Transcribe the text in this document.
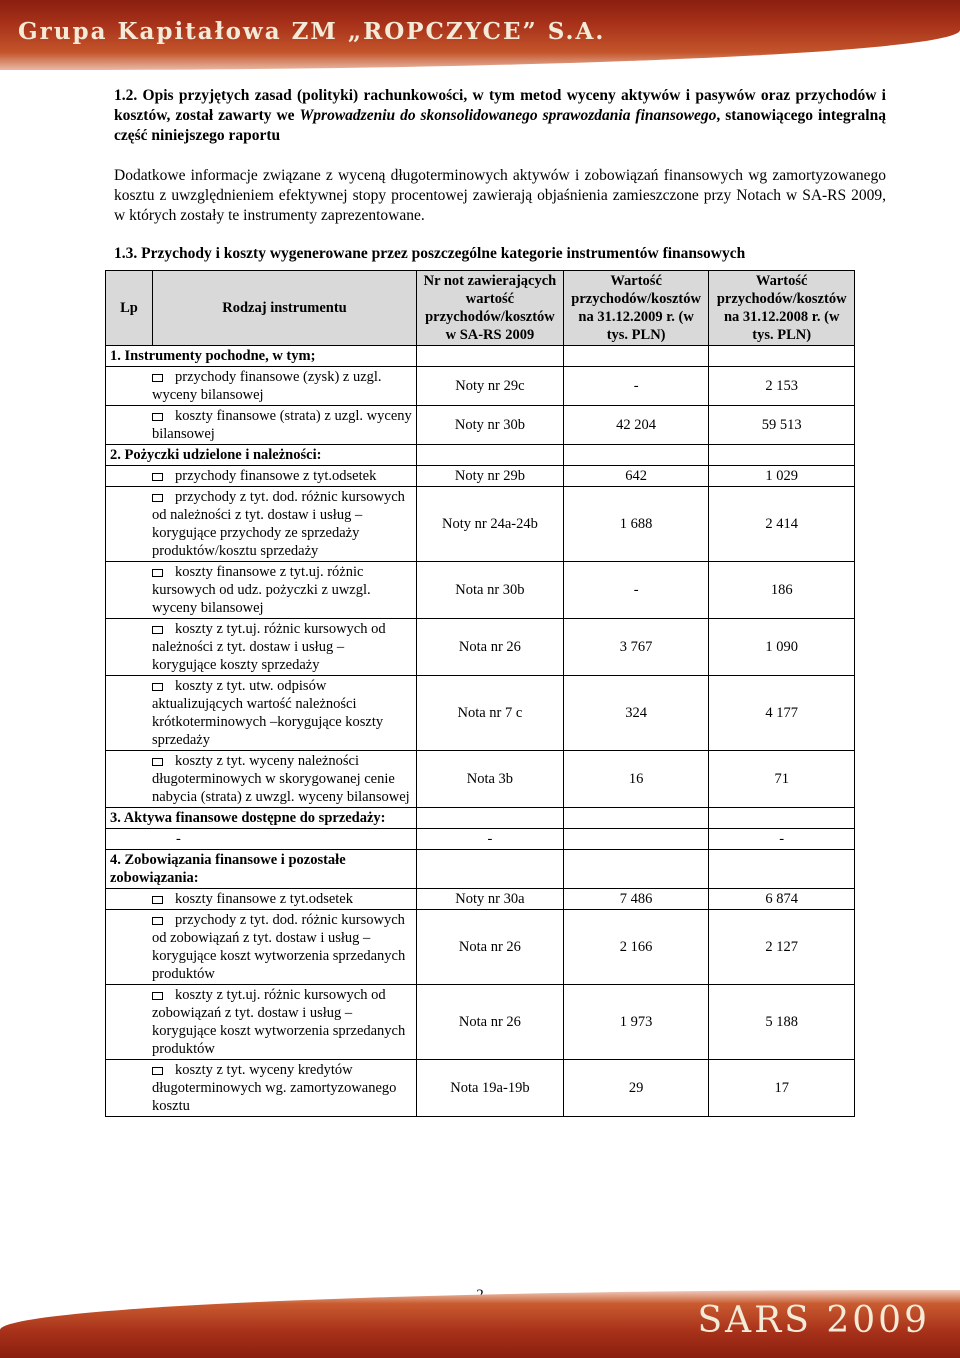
Grupa Kapitałowa ZM „ROPCZYCE” S.A.

1.2. Opis przyjętych zasad (polityki) rachunkowości, w tym metod wyceny aktywów i pasywów oraz przychodów i kosztów, został zawarty we Wprowadzeniu do skonsolidowanego sprawozdania finansowego, stanowiącego integralną część niniejszego raportu

Dodatkowe informacje związane z wyceną długoterminowych aktywów i zobowiązań finansowych wg zamortyzowanego kosztu z uwzględnieniem efektywnej stopy procentowej zawierają objaśnienia zamieszczone przy Notach w SA-RS 2009, w których zostały te instrumenty zaprezentowane.

1.3. Przychody i koszty wygenerowane przez poszczególne kategorie instrumentów finansowych

Lp	Rodzaj instrumentu	Nr not zawierających wartość przychodów/kosztów w SA-RS 2009	Wartość przychodów/kosztów na 31.12.2009 r. (w tys. PLN)	Wartość przychodów/kosztów na 31.12.2008 r. (w tys. PLN)
1. Instrumenty pochodne, w tym;				
przychody finansowe (zysk) z uzgl. wyceny bilansowej		Noty nr 29c	-	2 153
koszty finansowe (strata) z uzgl. wyceny bilansowej		Noty nr 30b	42 204	59 513
2. Pożyczki udzielone i należności:				
przychody finansowe z tyt.odsetek		Noty nr 29b	642	1 029
przychody z tyt. dod. różnic kursowych od należności z tyt. dostaw i usług – korygujące przychody ze sprzedaży produktów/kosztu sprzedaży		Noty nr 24a-24b	1 688	2 414
koszty finansowe z tyt.uj. różnic kursowych od udz. pożyczki z uwzgl. wyceny bilansowej		Nota nr 30b	-	186
koszty z tyt.uj. różnic kursowych od należności z tyt. dostaw i usług – korygujące koszty sprzedaży		Nota nr 26	3 767	1 090
koszty z tyt. utw. odpisów aktualizujących wartość należności krótkoterminowych –korygujące koszty sprzedaży		Nota nr 7 c	324	4 177
koszty z tyt. wyceny należności długoterminowych w skorygowanej cenie nabycia (strata) z uwzgl. wyceny bilansowej		Nota 3b	16	71
3. Aktywa finansowe dostępne do sprzedaży:				
-		-		-
4. Zobowiązania finansowe i pozostałe zobowiązania:				
koszty finansowe z tyt.odsetek		Noty nr 30a	7 486	6 874
przychody z tyt. dod. różnic kursowych od zobowiązań z tyt. dostaw i usług – korygujące koszt wytworzenia sprzedanych produktów		Nota nr 26	2 166	2 127
koszty z tyt.uj. różnic kursowych od zobowiązań z tyt. dostaw i usług – korygujące koszt wytworzenia sprzedanych produktów		Nota nr 26	1 973	5 188
koszty z tyt. wyceny kredytów długoterminowych wg. zamortyzowanego kosztu		Nota 19a-19b	29	17
SARS 2009
